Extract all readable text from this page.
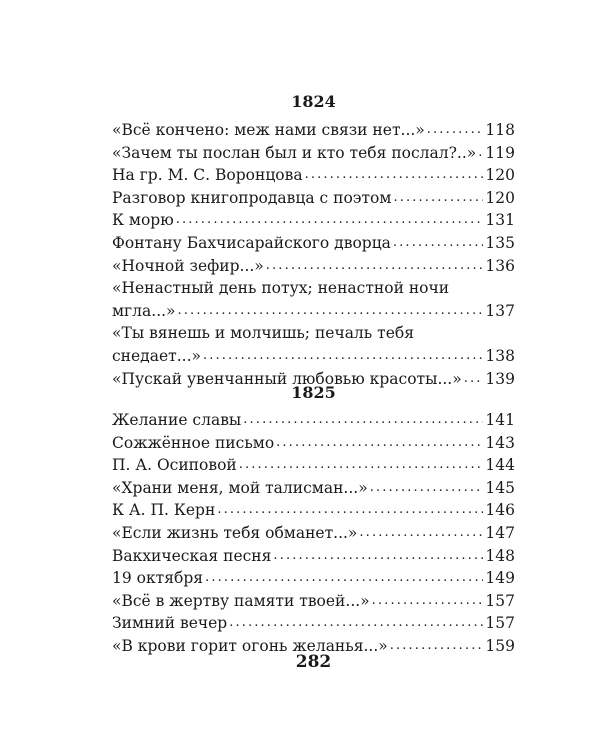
1824
«Всё кончено: меж нами связи нет...» . . .	118
«Зачем ты послан был и кто тебя послал?..» . . . 119
На гр. М. С. Воронцова . . .	120
Разговор книгопродавца с поэтом . . .	120
К морю . . .	131
Фонтану Бахчисарайского дворца . . .	135
«Ночной зефир...» . . .	136
«Ненастный день потух; ненастной ночи
мгла...» . . .	137
«Ты вянешь и молчишь; печаль тебя
снедает...» . . .	138
«Пускай увенчанный любовью красоты...» . . . 139
1825
Желание славы . . .	141
Сожжённое письмо . . .	143
П. А. Осиповой . . .	144
«Храни меня, мой талисман...» . . .	145
К А. П. Керн . . .	146
«Если жизнь тебя обманет...» . . .	147
Вакхическая песня . . .	148
19 октября . . .	149
«Всё в жертву памяти твоей...» . . .	157
Зимний вечер . . .	157
«В крови горит огонь желанья...» . . .	159
282
